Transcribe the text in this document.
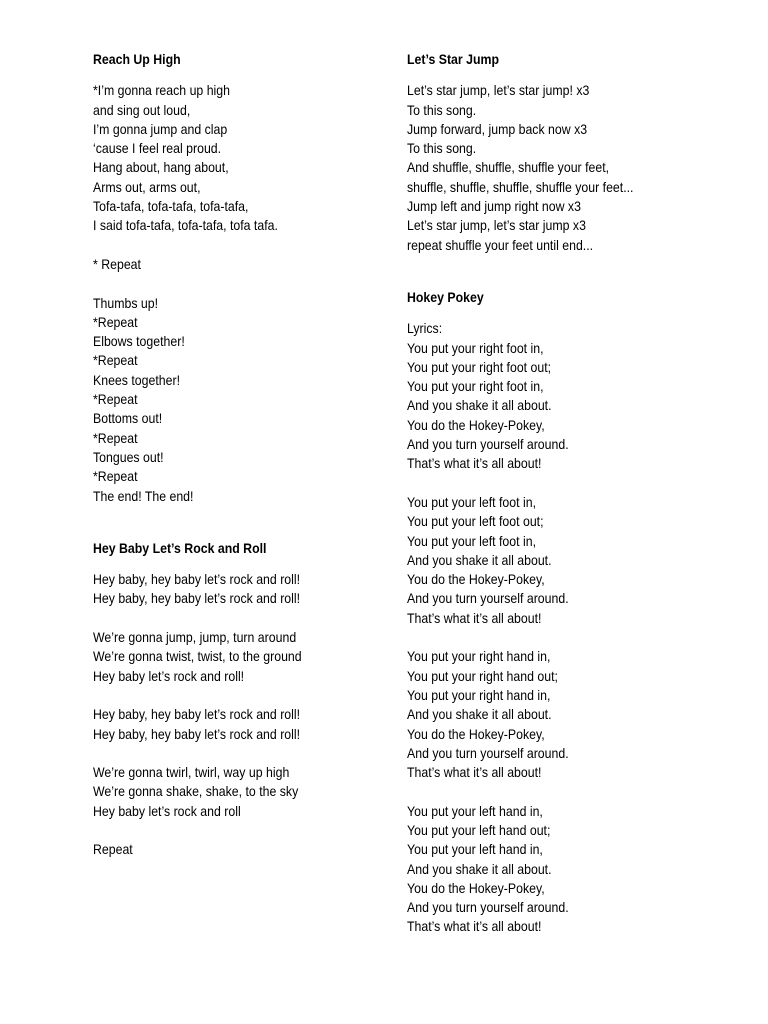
Reach Up High
*I’m gonna reach up high
and sing out loud,
I’m gonna jump and clap
‘cause I feel real proud.
Hang about, hang about,
Arms out, arms out,
Tofa-tafa, tofa-tafa, tofa-tafa,
I said tofa-tafa, tofa-tafa, tofa tafa.
* Repeat
Thumbs up!
*Repeat
Elbows together!
*Repeat
Knees together!
*Repeat
Bottoms out!
*Repeat
Tongues out!
*Repeat
The end! The end!
Hey Baby Let’s Rock and Roll
Hey baby, hey baby let’s rock and roll!
Hey baby, hey baby let’s rock and roll!
We’re gonna jump, jump, turn around
We’re gonna twist, twist, to the ground
Hey baby let’s rock and roll!
Hey baby, hey baby let’s rock and roll!
Hey baby, hey baby let’s rock and roll!
We’re gonna twirl, twirl, way up high
We’re gonna shake, shake, to the sky
Hey baby let’s rock and roll
Repeat
Let’s Star Jump
Let’s star jump, let’s star jump! x3
To this song.
Jump forward, jump back now x3
To this song.
And shuffle, shuffle, shuffle your feet,
shuffle, shuffle, shuffle, shuffle your feet...
Jump left and jump right now x3
Let’s star jump, let’s star jump x3
repeat shuffle your feet until end...
Hokey Pokey
Lyrics:
You put your right foot in,
You put your right foot out;
You put your right foot in,
And you shake it all about.
You do the Hokey-Pokey,
And you turn yourself around.
That’s what it’s all about!
You put your left foot in,
You put your left foot out;
You put your left foot in,
And you shake it all about.
You do the Hokey-Pokey,
And you turn yourself around.
That’s what it’s all about!
You put your right hand in,
You put your right hand out;
You put your right hand in,
And you shake it all about.
You do the Hokey-Pokey,
And you turn yourself around.
That’s what it’s all about!
You put your left hand in,
You put your left hand out;
You put your left hand in,
And you shake it all about.
You do the Hokey-Pokey,
And you turn yourself around.
That’s what it’s all about!
